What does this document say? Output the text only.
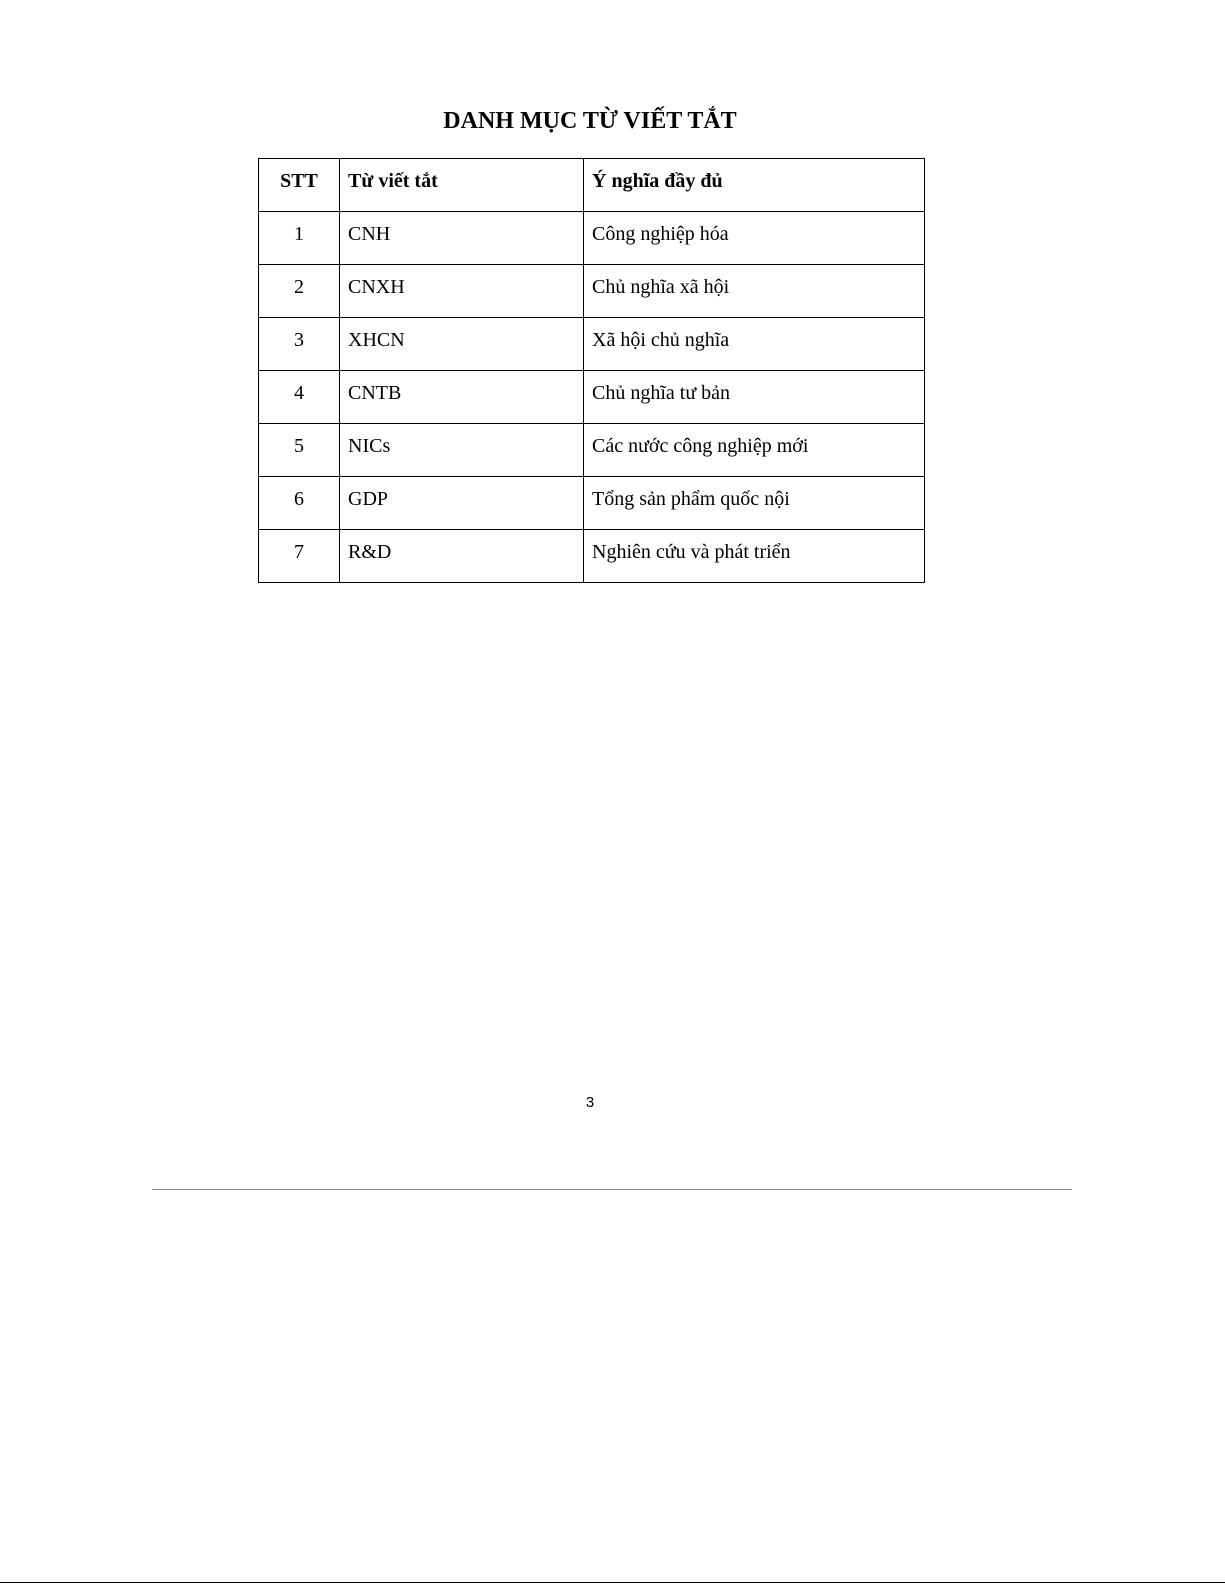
DANH MỤC TỪ VIẾT TẮT
STT	Từ viết tắt	Ý nghĩa đầy đủ
1	CNH	Công nghiệp hóa
2	CNXH	Chủ nghĩa xã hội
3	XHCN	Xã hội chủ nghĩa
4	CNTB	Chủ nghĩa tư bản
5	NICs	Các nước công nghiệp mới
6	GDP	Tổng sản phẩm quốc nội
7	R&D	Nghiên cứu và phát triển
3
